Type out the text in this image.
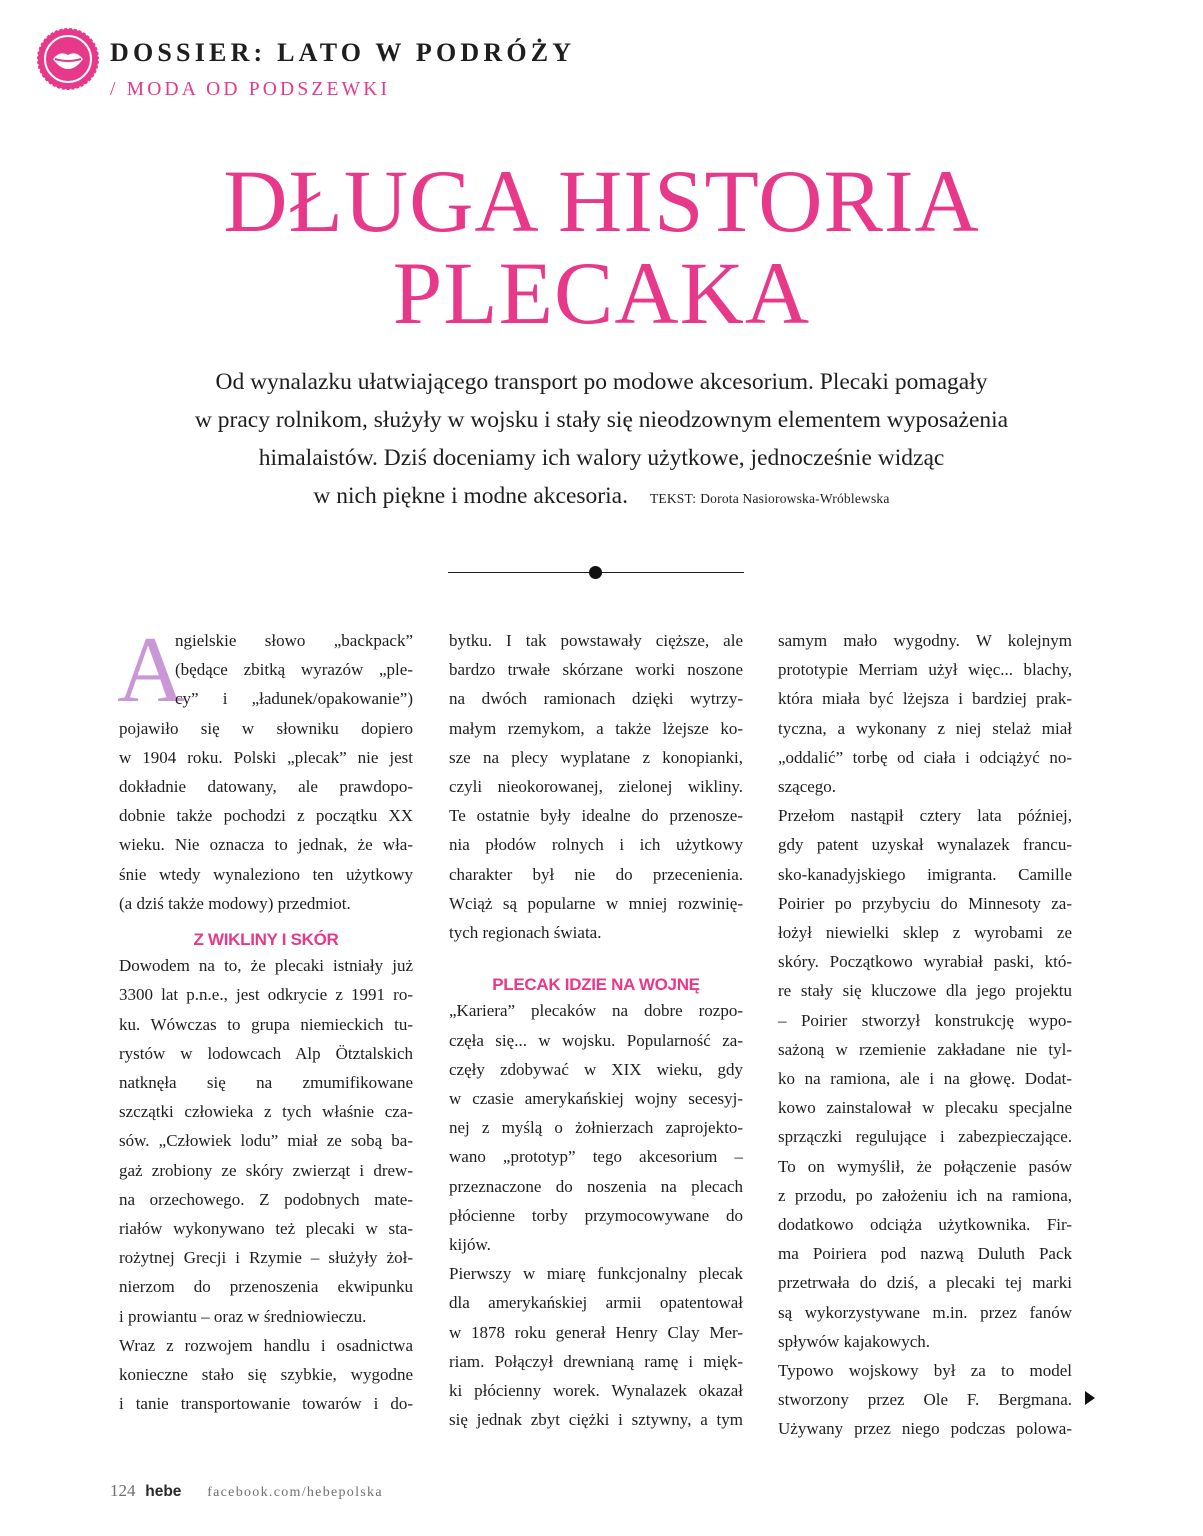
DOSSIER: LATO W PODRÓŻY
/ MODA OD PODSZEWKI
DŁUGA HISTORIA
PLECAKA
Od wynalazku ułatwiającego transport po modowe akcesorium. Plecaki pomagały
w pracy rolnikom, służyły w wojsku i stały się nieodzownym elementem wyposażenia
himalaistów. Dziś doceniamy ich walory użytkowe, jednocześnie widząc
w nich piękne i modne akcesoria. TEKST: Dorota Nasiorowska-Wróblewska
A
ngielskie słowo „backpack”
(będące zbitką wyrazów „ple-
cy” i „ładunek/opakowanie”)
pojawiło się w słowniku dopiero
w 1904 roku. Polski „plecak” nie jest
dokładnie datowany, ale prawdopo-
dobnie także pochodzi z początku XX
wieku. Nie oznacza to jednak, że wła-
śnie wtedy wynaleziono ten użytkowy
(a dziś także modowy) przedmiot.
Z WIKLINY I SKÓR
Dowodem na to, że plecaki istniały już
3300 lat p.n.e., jest odkrycie z 1991 ro-
ku. Wówczas to grupa niemieckich tu-
rystów w lodowcach Alp Ötztalskich
natknęła się na zmumifikowane
szczątki człowieka z tych właśnie cza-
sów. „Człowiek lodu” miał ze sobą ba-
gaż zrobiony ze skóry zwierząt i drew-
na orzechowego. Z podobnych mate-
riałów wykonywano też plecaki w sta-
rożytnej Grecji i Rzymie – służyły żoł-
nierzom do przenoszenia ekwipunku
i prowiantu – oraz w średniowieczu.
Wraz z rozwojem handlu i osadnictwa
konieczne stało się szybkie, wygodne
i tanie transportowanie towarów i do-
bytku. I tak powstawały cięższe, ale
bardzo trwałe skórzane worki noszone
na dwóch ramionach dzięki wytrzy-
małym rzemykom, a także lżejsze ko-
sze na plecy wyplatane z konopianki,
czyli nieokorowanej, zielonej wikliny.
Te ostatnie były idealne do przenosze-
nia płodów rolnych i ich użytkowy
charakter był nie do przecenienia.
Wciąż są popularne w mniej rozwinię-
tych regionach świata.
PLECAK IDZIE NA WOJNĘ
„Kariera” plecaków na dobre rozpo-
częła się... w wojsku. Popularność za-
częły zdobywać w XIX wieku, gdy
w czasie amerykańskiej wojny secesyj-
nej z myślą o żołnierzach zaprojekto-
wano „prototyp” tego akcesorium –
przeznaczone do noszenia na plecach
płócienne torby przymocowywane do
kijów.
Pierwszy w miarę funkcjonalny plecak
dla amerykańskiej armii opatentował
w 1878 roku generał Henry Clay Mer-
riam. Połączył drewnianą ramę i mięk-
ki płócienny worek. Wynalazek okazał
się jednak zbyt ciężki i sztywny, a tym
samym mało wygodny. W kolejnym
prototypie Merriam użył więc... blachy,
która miała być lżejsza i bardziej prak-
tyczna, a wykonany z niej stelaż miał
„oddalić” torbę od ciała i odciążyć no-
szącego.
Przełom nastąpił cztery lata później,
gdy patent uzyskał wynalazek francu-
sko-kanadyjskiego imigranta. Camille
Poirier po przybyciu do Minnesoty za-
łożył niewielki sklep z wyrobami ze
skóry. Początkowo wyrabiał paski, któ-
re stały się kluczowe dla jego projektu
– Poirier stworzył konstrukcję wypo-
sażoną w rzemienie zakładane nie tyl-
ko na ramiona, ale i na głowę. Dodat-
kowo zainstalował w plecaku specjalne
sprzączki regulujące i zabezpieczające.
To on wymyślił, że połączenie pasów
z przodu, po założeniu ich na ramiona,
dodatkowo odciąża użytkownika. Fir-
ma Poiriera pod nazwą Duluth Pack
przetrwała do dziś, a plecaki tej marki
są wykorzystywane m.in. przez fanów
spływów kajakowych.
Typowo wojskowy był za to model
stworzony przez Ole F. Bergmana.
Używany przez niego podczas polowa-
124 hebe facebook.com/hebepolska
